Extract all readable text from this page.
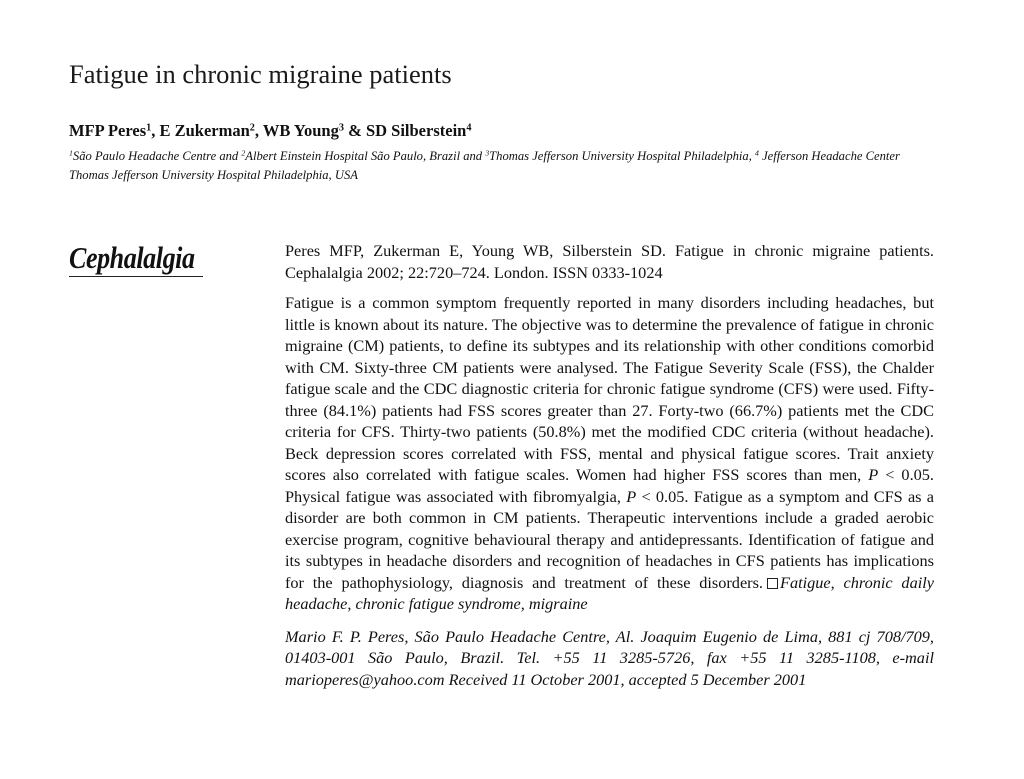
Fatigue in chronic migraine patients
MFP Peres$^1$, E Zukerman$^2$, WB Young$^3$ & SD Silberstein$^4$
$^1$São Paulo Headache Centre and $^2$Albert Einstein Hospital São Paulo, Brazil and $^3$Thomas Jefferson University Hospital Philadelphia, $^4$ Jefferson Headache Center Thomas Jefferson University Hospital Philadelphia, USA
Cephalalgia	Peres MFP, Zukerman E, Young WB, Silberstein SD. Fatigue in chronic migraine patients. Cephalalgia 2002; 22:720–724. London. ISSN 0333-1024

Fatigue is a common symptom frequently reported in many disorders including headaches, but little is known about its nature. The objective was to determine the prevalence of fatigue in chronic migraine (CM) patients, to define its subtypes and its relationship with other conditions comorbid with CM. Sixty-three CM patients were analysed. The Fatigue Severity Scale (FSS), the Chalder fatigue scale and the CDC diagnostic criteria for chronic fatigue syndrome (CFS) were used. Fifty-three (84.1%) patients had FSS scores greater than 27. Forty-two (66.7%) patients met the CDC criteria for CFS. Thirty-two patients (50.8%) met the modified CDC criteria (without headache). Beck depression scores correlated with FSS, mental and physical fatigue scores. Trait anxiety scores also correlated with fatigue scales. Women had higher FSS scores than men, P < 0.05. Physical fatigue was associated with fibromyalgia, P < 0.05. Fatigue as a symptom and CFS as a disorder are both common in CM patients. Therapeutic interventions include a graded aerobic exercise program, cognitive behavioural therapy and antidepressants. Identification of fatigue and its subtypes in headache disorders and recognition of headaches in CFS patients has implications for the pathophysiology, diagnosis and treatment of these disorders. Fatigue, chronic daily headache, chronic fatigue syndrome, migraine

Mario F. P. Peres, São Paulo Headache Centre, Al. Joaquim Eugenio de Lima, 881 cj 708/709, 01403-001 São Paulo, Brazil. Tel. +55 11 3285-5726, fax +55 11 3285-1108, e-mail marioperes@yahoo.com Received 11 October 2001, accepted 5 December 2001
